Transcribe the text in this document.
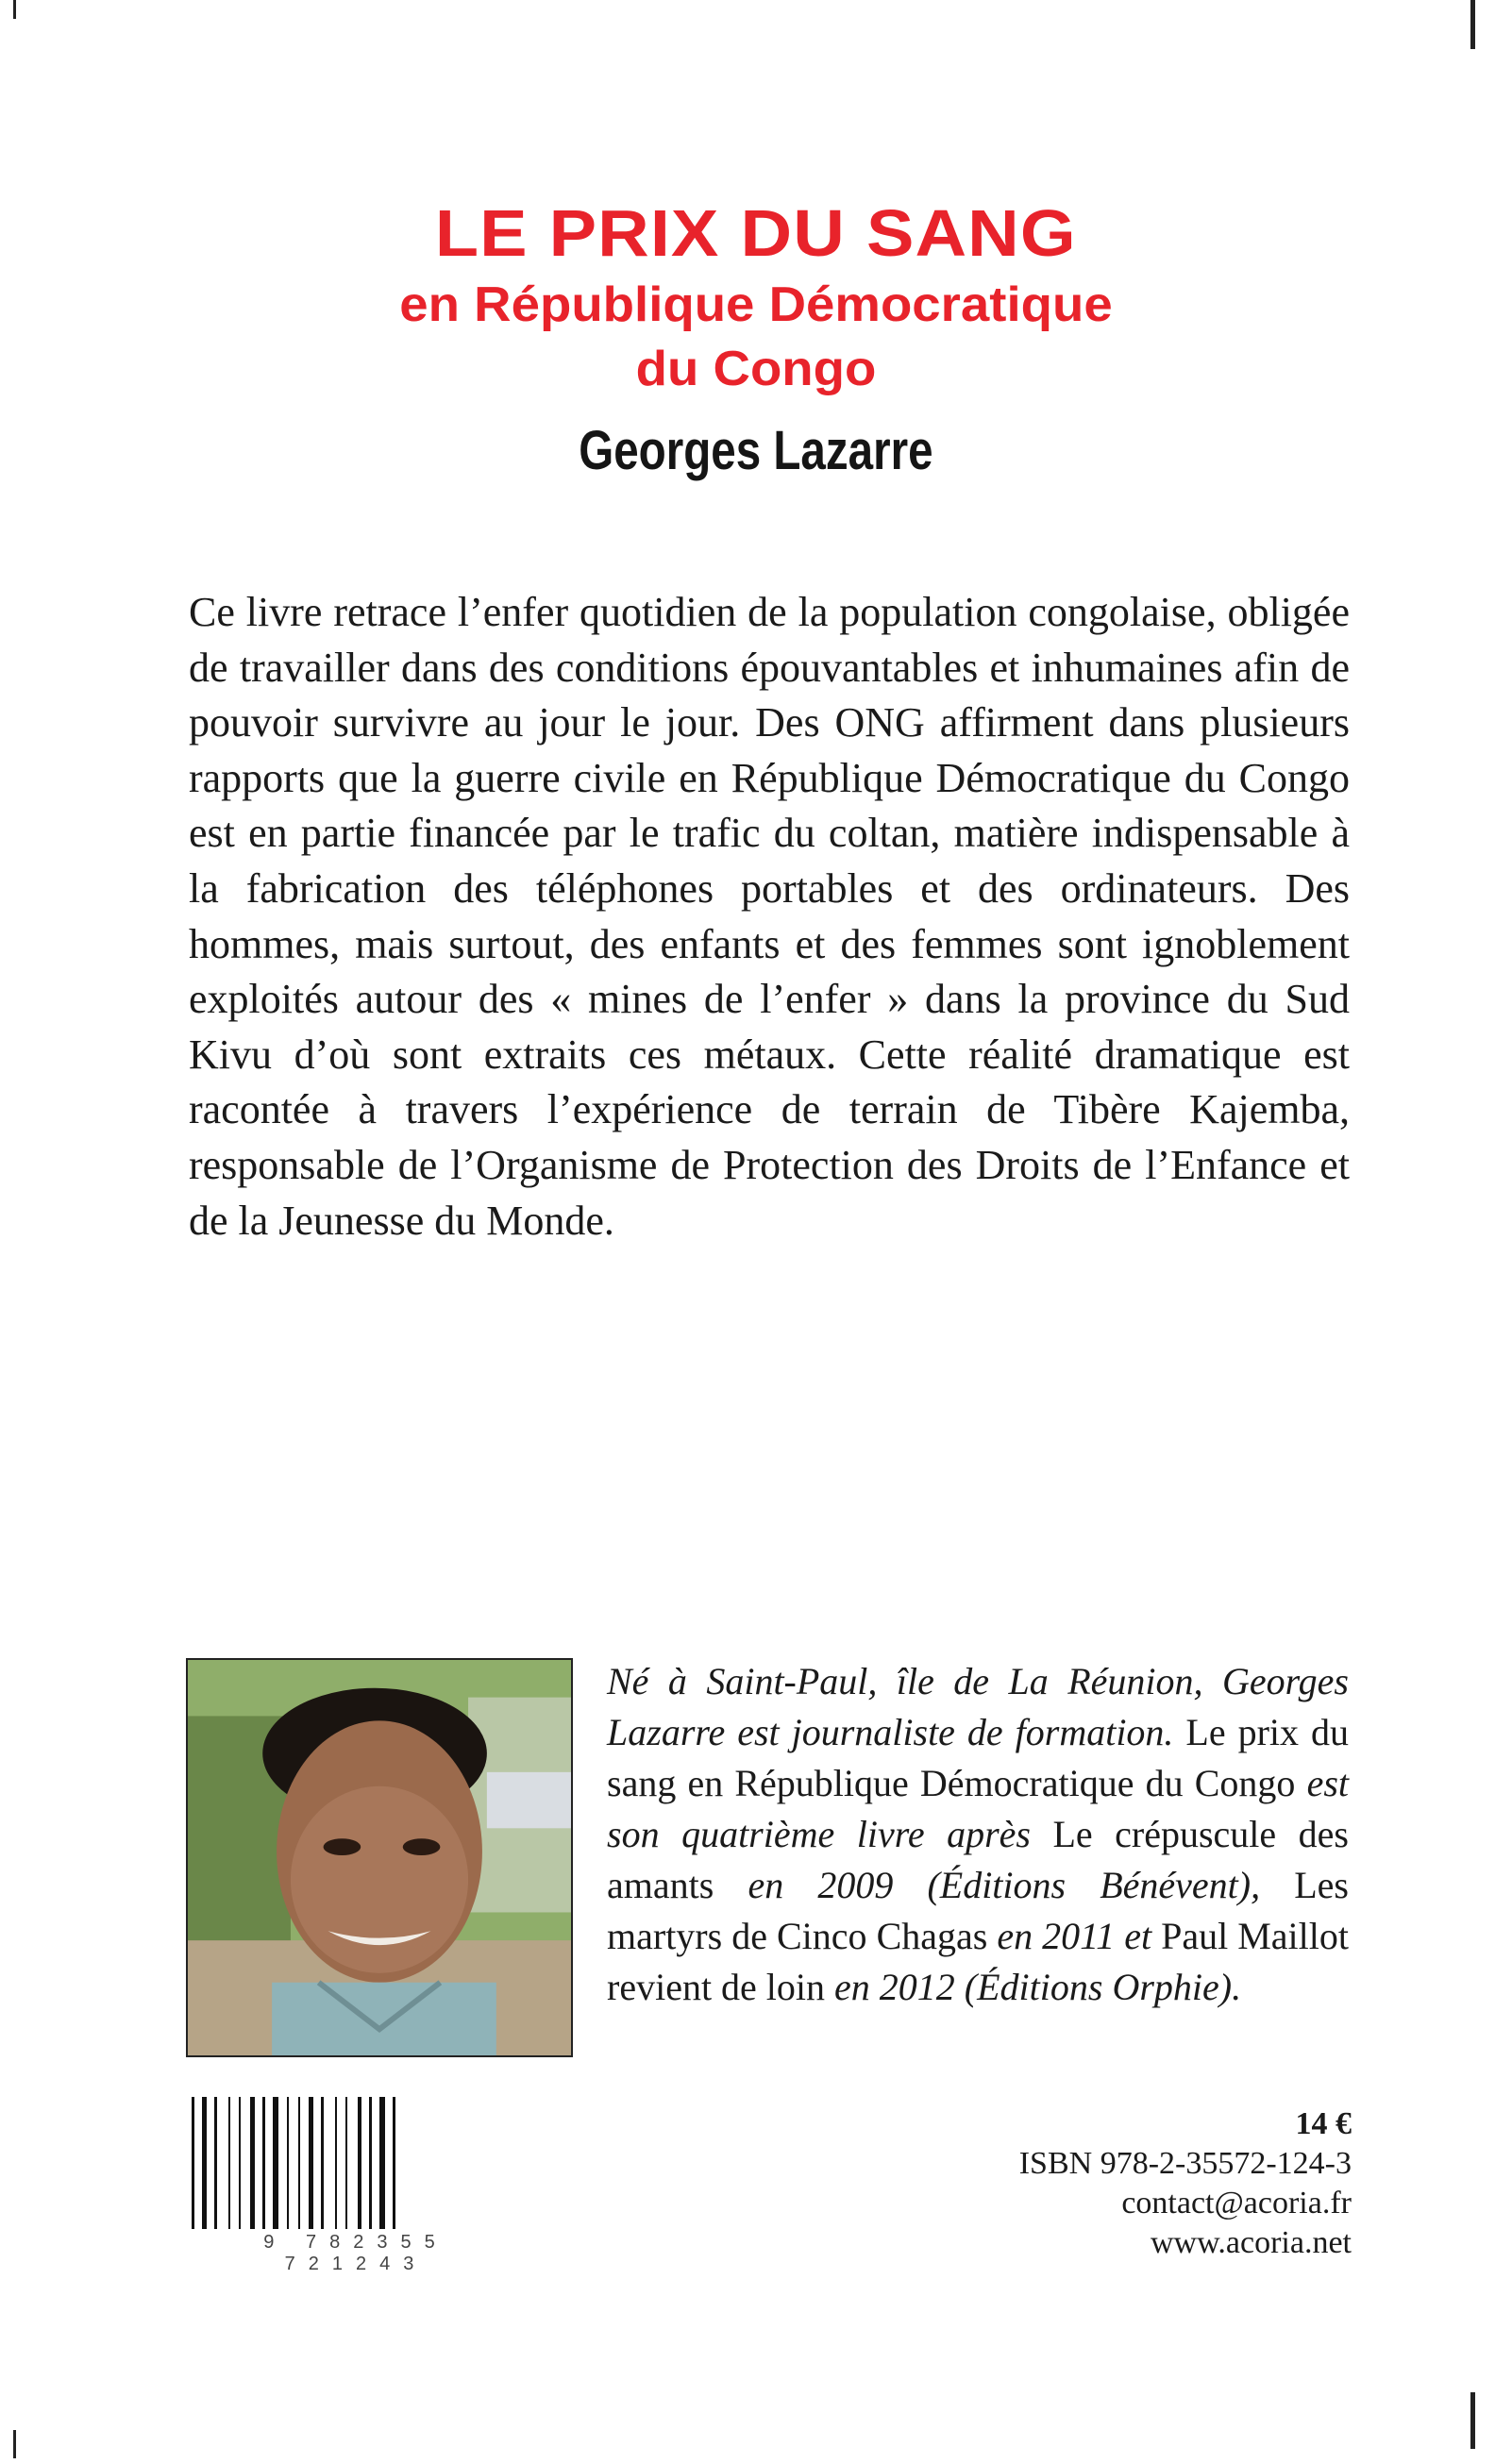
LE PRIX DU SANG
en République Démocratique
du Congo
Georges Lazarre
Ce livre retrace l’enfer quotidien de la population congolaise, obligée de travailler dans des conditions épouvantables et inhumaines afin de pouvoir survivre au jour le jour. Des ONG affirment dans plusieurs rapports que la guerre civile en République Démocratique du Congo est en partie financée par le trafic du coltan, matière indispensable à la fabrication des téléphones portables et des ordinateurs. Des hommes, mais surtout, des enfants et des femmes sont ignoblement exploités autour des « mines de l’enfer » dans la province du Sud Kivu d’où sont extraits ces métaux. Cette réalité dramatique est racontée à travers l’expérience de terrain de Tibère Kajemba, responsable de l’Organisme de Protection des Droits de l’Enfance et de la Jeunesse du Monde.
Né à Saint-Paul, île de La Réunion, Georges Lazarre est journaliste de formation. Le prix du sang en République Démocratique du Congo est son quatrième livre après Le crépuscule des amants en 2009 (Éditions Bénévent), Les martyrs de Cinco Chagas en 2011 et Paul Maillot revient de loin en 2012 (Éditions Orphie).
9 782355 721243
14 €
ISBN 978-2-35572-124-3
contact@acoria.fr
www.acoria.net
